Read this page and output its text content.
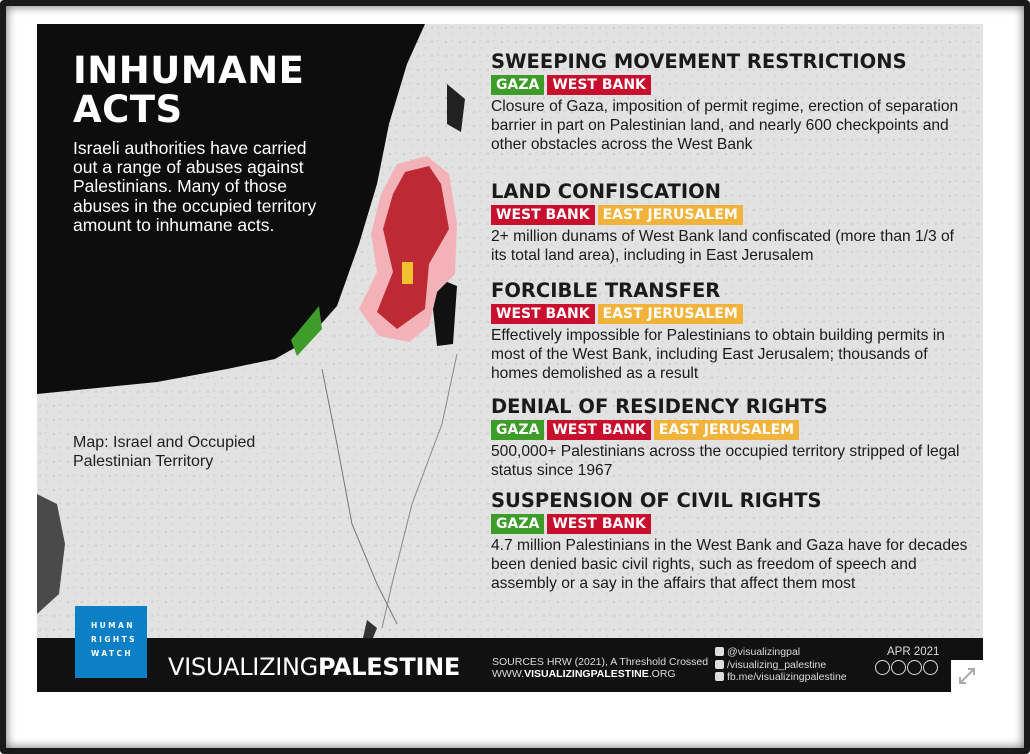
INHUMANE
ACTS

Israeli authorities have carried out a range of abuses against Palestinians. Many of those abuses in the occupied territory amount to inhumane acts.

Map: Israel and Occupied Palestinian Territory
SWEEPING MOVEMENT RESTRICTIONS
GAZA WEST BANK

Closure of Gaza, imposition of permit regime, erection of separation barrier in part on Palestinian land, and nearly 600 checkpoints and other obstacles across the West Bank

LAND CONFISCATION
WEST BANK EAST JERUSALEM

2+ million dunams of West Bank land confiscated (more than 1/3 of its total land area), including in East Jerusalem

FORCIBLE TRANSFER
WEST BANK EAST JERUSALEM

Effectively impossible for Palestinians to obtain building permits in most of the West Bank, including East Jerusalem; thousands of homes demolished as a result

DENIAL OF RESIDENCY RIGHTS
GAZA WEST BANK EAST JERUSALEM

500,000+ Palestinians across the occupied territory stripped of legal status since 1967

SUSPENSION OF CIVIL RIGHTS
GAZA WEST BANK

4.7 million Palestinians in the West Bank and Gaza have for decades been denied basic civil rights, such as freedom of speech and assembly or a say in the affairs that affect them most

VISUALIZINGPALESTINE	SOURCES HRW (2021), A Threshold Crossed
WWW.VISUALIZINGPALESTINE.ORG
@visualizingpal
/visualizing_palestine
fb.me/visualizingpalestine
APR 2021
HUMAN
RIGHTS
WATCH
